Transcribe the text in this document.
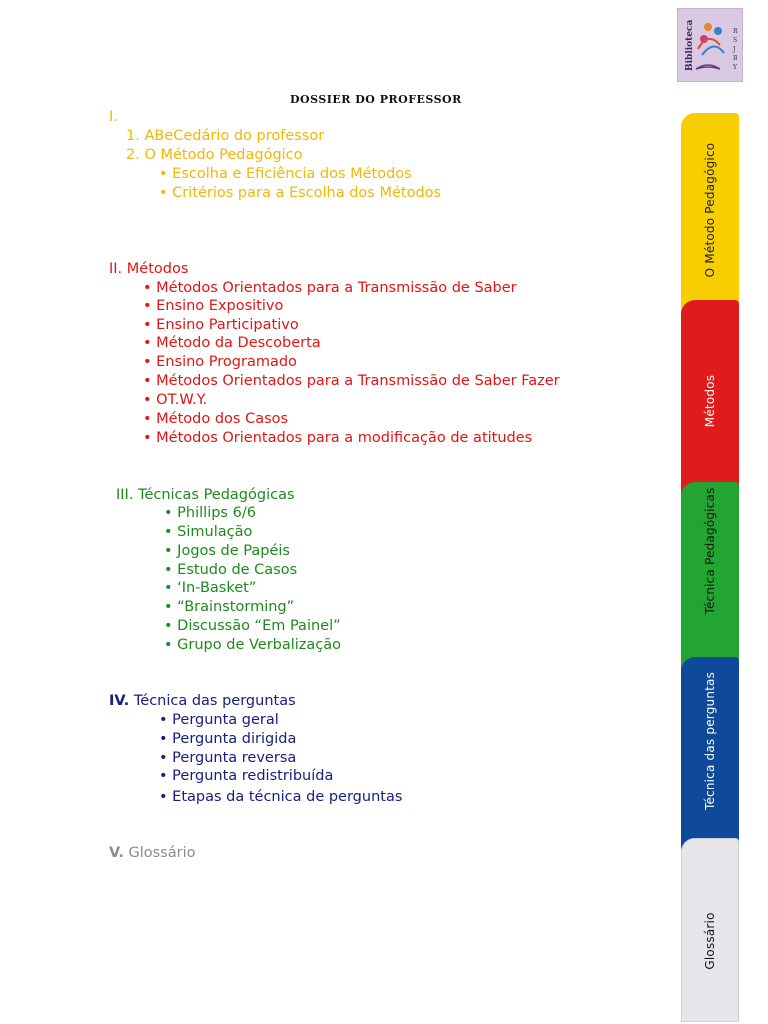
Biblioteca	R
S
J
B
Y
DOSSIER DO PROFESSOR
I.
1. ABeCedário do professor
2. O Método Pedagógico
• Escolha e Eficiência dos Métodos
• Critérios para a Escolha dos Métodos
II. Métodos
• Métodos Orientados para a Transmissão de Saber
• Ensino Expositivo
• Ensino Participativo
• Método da Descoberta
• Ensino Programado
• Métodos Orientados para a Transmissão de Saber Fazer
• OT.W.Y.
• Método dos Casos
• Métodos Orientados para a modificação de atitudes
III. Técnicas Pedagógicas
• Phillips 6/6
• Simulação
• Jogos de Papéis
• Estudo de Casos
• ‘In-Basket”
• “Brainstorming”
• Discussão “Em Painel”
• Grupo de Verbalização
IV. Técnica das perguntas
• Pergunta geral
• Pergunta dirigida
• Pergunta reversa
• Pergunta redistribuída
• Etapas da técnica de perguntas
V. Glossário
O Método Pedagógico
Métodos
Técnica Pedagógicas
Técnica das perguntas
Glossário
